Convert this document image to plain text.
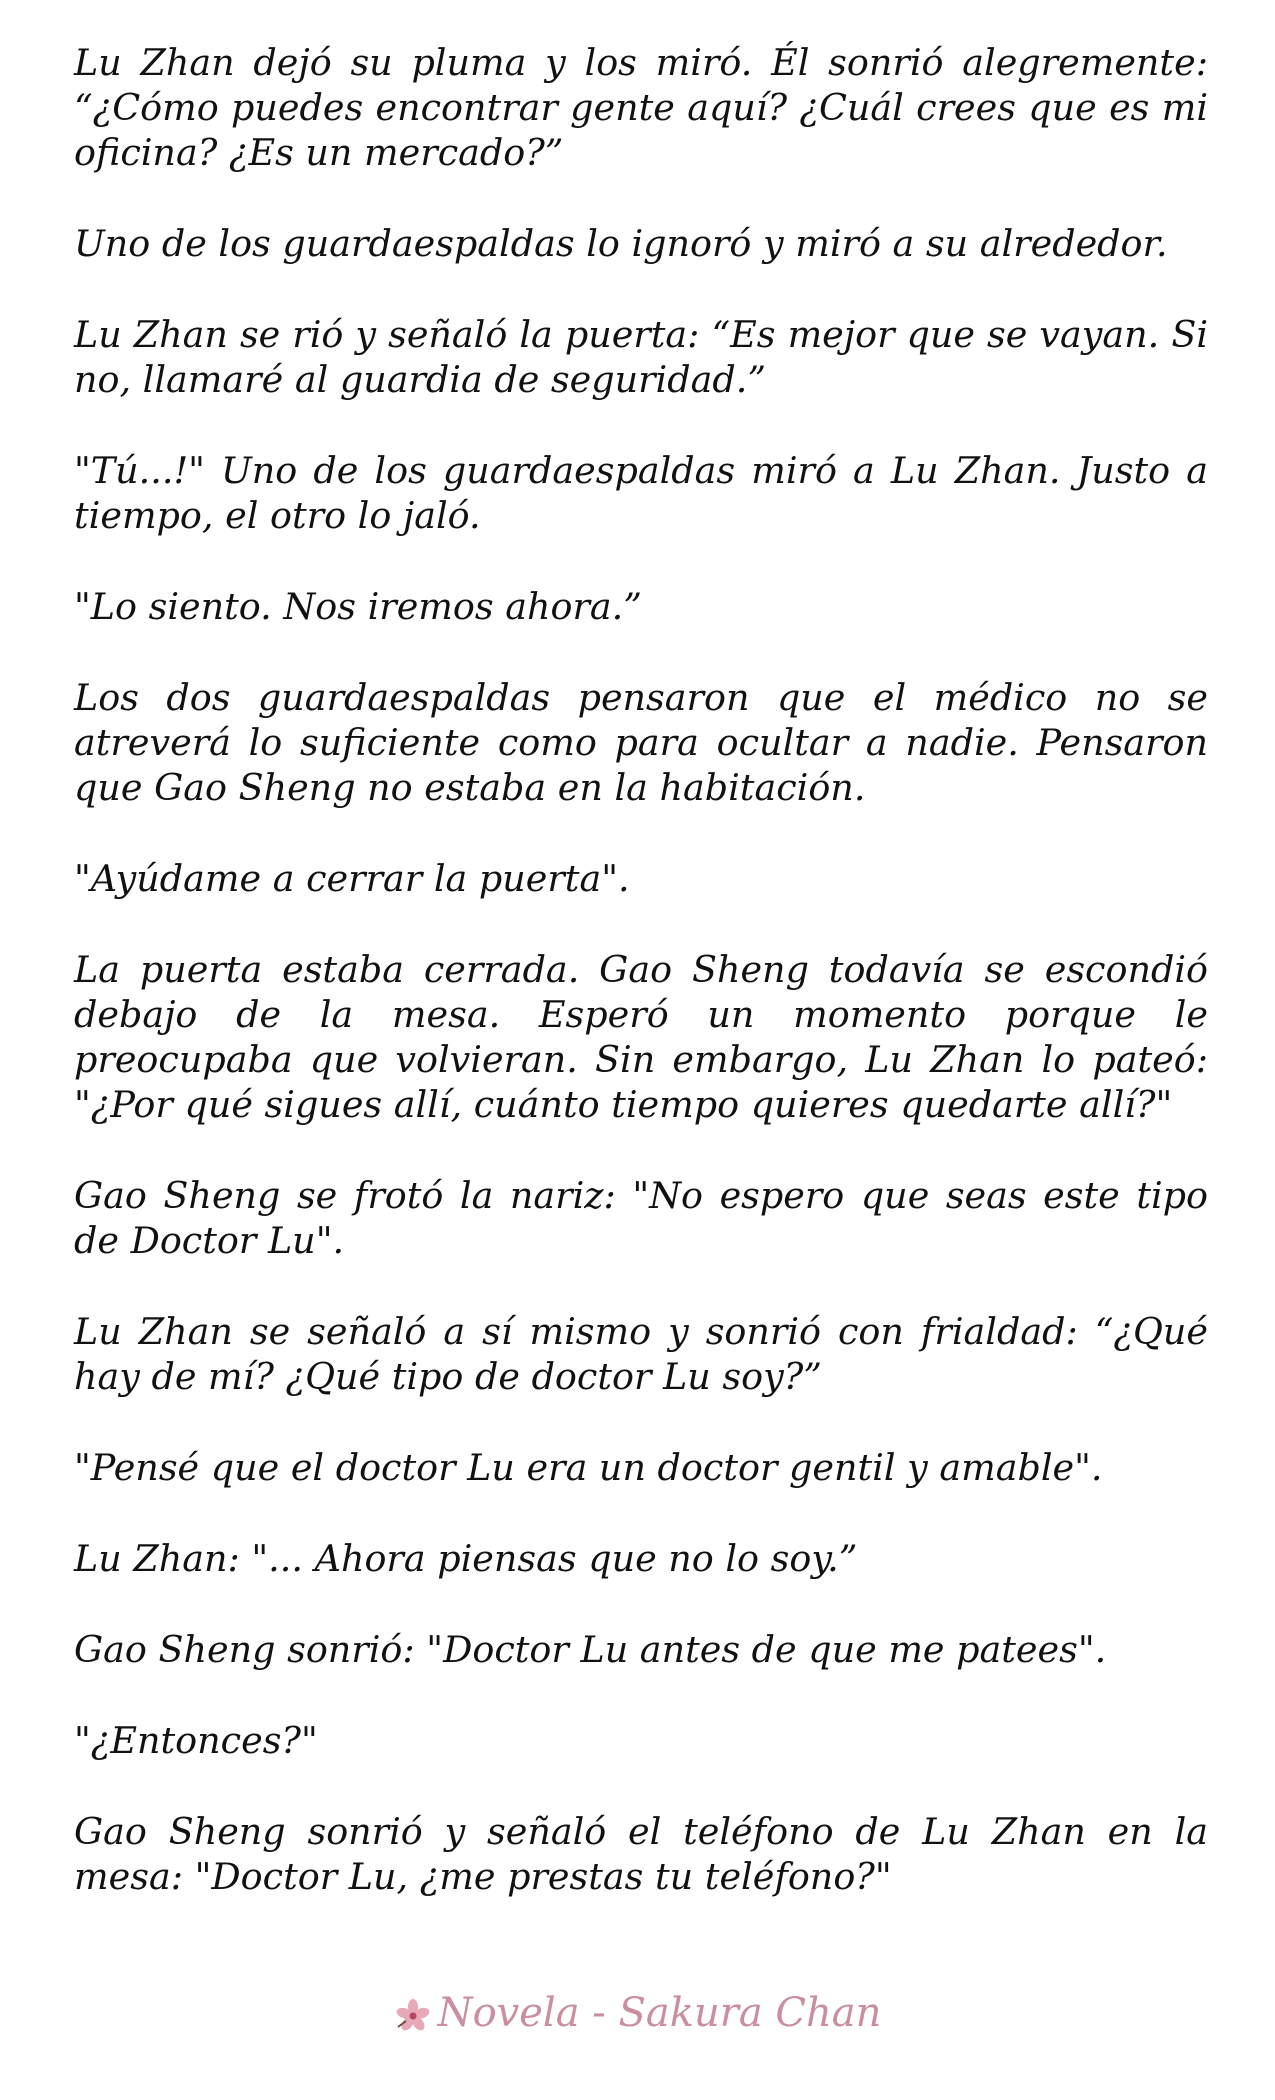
Lu Zhan dejó su pluma y los miró. Él sonrió alegremente: “¿Cómo puedes encontrar gente aquí? ¿Cuál crees que es mi oficina? ¿Es un mercado?”

Uno de los guardaespaldas lo ignoró y miró a su alrededor.

Lu Zhan se rió y señaló la puerta: “Es mejor que se vayan. Si no, llamaré al guardia de seguridad.”

"Tú...!" Uno de los guardaespaldas miró a Lu Zhan. Justo a tiempo, el otro lo jaló.

"Lo siento. Nos iremos ahora.”

Los dos guardaespaldas pensaron que el médico no se atreverá lo suficiente como para ocultar a nadie. Pensaron que Gao Sheng no estaba en la habitación.

"Ayúdame a cerrar la puerta".

La puerta estaba cerrada. Gao Sheng todavía se escondió debajo de la mesa. Esperó un momento porque le preocupaba que volvieran. Sin embargo, Lu Zhan lo pateó: "¿Por qué sigues allí, cuánto tiempo quieres quedarte allí?"

Gao Sheng se frotó la nariz: "No espero que seas este tipo de Doctor Lu".

Lu Zhan se señaló a sí mismo y sonrió con frialdad: “¿Qué hay de mí? ¿Qué tipo de doctor Lu soy?”

"Pensé que el doctor Lu era un doctor gentil y amable".

Lu Zhan: "... Ahora piensas que no lo soy.”

Gao Sheng sonrió: "Doctor Lu antes de que me patees".

"¿Entonces?"

Gao Sheng sonrió y señaló el teléfono de Lu Zhan en la mesa: "Doctor Lu, ¿me prestas tu teléfono?"

Novela - Sakura Chan
